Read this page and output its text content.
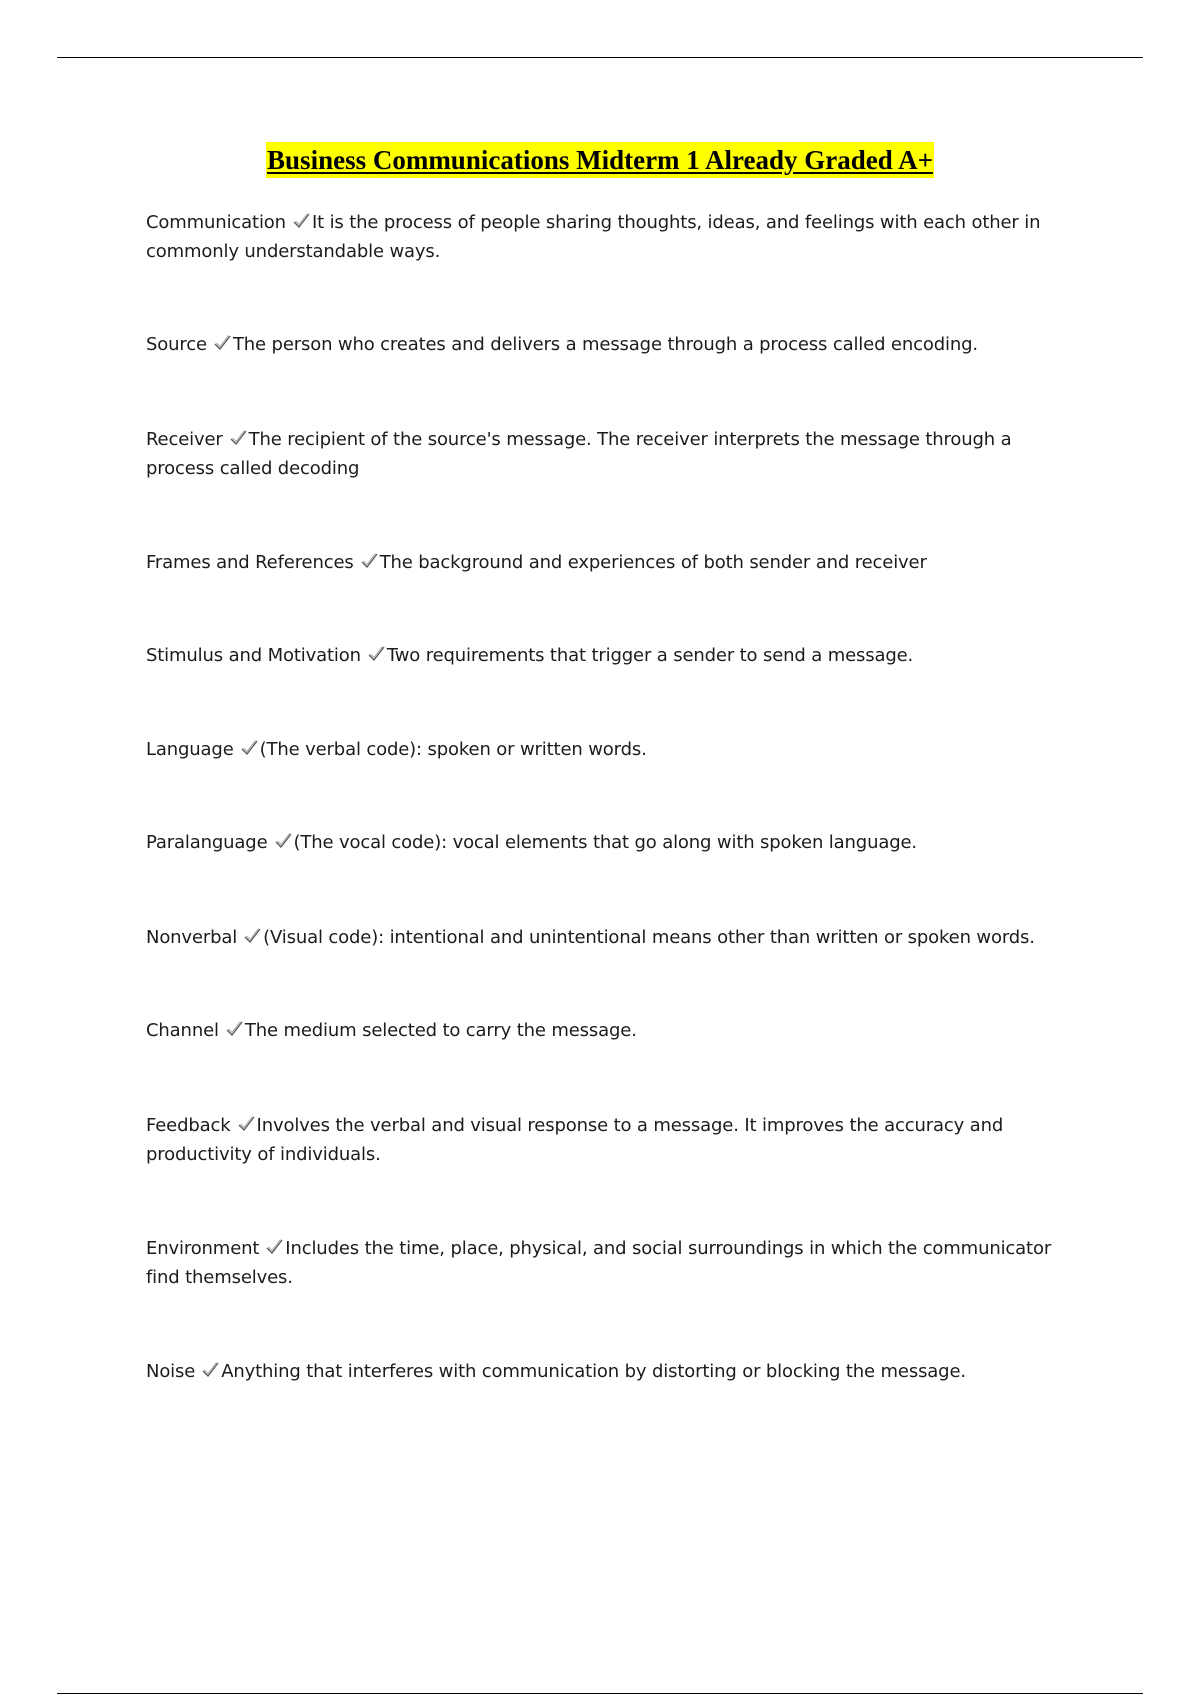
Business Communications Midterm 1 Already Graded A+
Communication It is the process of people sharing thoughts, ideas, and feelings with each other in commonly understandable ways.
Source The person who creates and delivers a message through a process called encoding.
Receiver The recipient of the source's message. The receiver interprets the message through a process called decoding
Frames and References The background and experiences of both sender and receiver
Stimulus and Motivation Two requirements that trigger a sender to send a message.
Language (The verbal code): spoken or written words.
Paralanguage (The vocal code): vocal elements that go along with spoken language.
Nonverbal (Visual code): intentional and unintentional means other than written or spoken words.
Channel The medium selected to carry the message.
Feedback Involves the verbal and visual response to a message. It improves the accuracy and productivity of individuals.
Environment Includes the time, place, physical, and social surroundings in which the communicator find themselves.
Noise Anything that interferes with communication by distorting or blocking the message.
